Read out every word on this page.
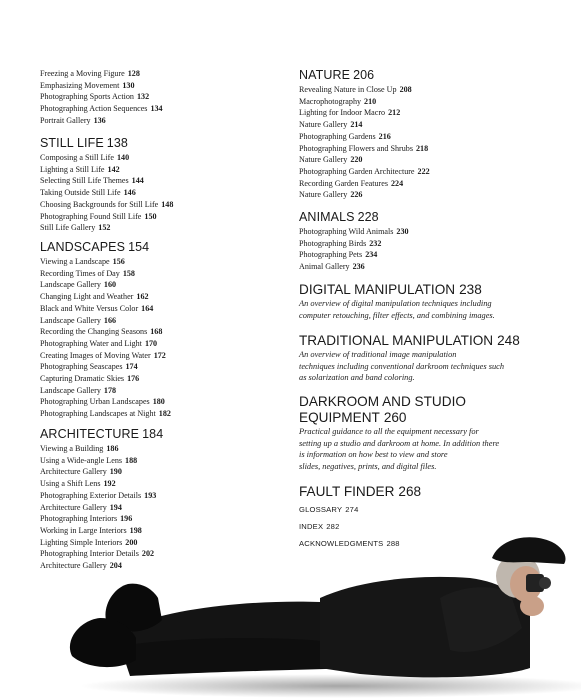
Freezing a Moving Figure 128
Emphasizing Movement 130
Photographing Sports Action 132
Photographing Action Sequences 134
Portrait Gallery 136
STILL LIFE 138
Composing a Still Life 140
Lighting a Still Life 142
Selecting Still Life Themes 144
Taking Outside Still Life 146
Choosing Backgrounds for Still Life 148
Photographing Found Still Life 150
Still Life Gallery 152
LANDSCAPES 154
Viewing a Landscape 156
Recording Times of Day 158
Landscape Gallery 160
Changing Light and Weather 162
Black and White Versus Color 164
Landscape Gallery 166
Recording the Changing Seasons 168
Photographing Water and Light 170
Creating Images of Moving Water 172
Photographing Seascapes 174
Capturing Dramatic Skies 176
Landscape Gallery 178
Photographing Urban Landscapes 180
Photographing Landscapes at Night 182
ARCHITECTURE 184
Viewing a Building 186
Using a Wide-angle Lens 188
Architecture Gallery 190
Using a Shift Lens 192
Photographing Exterior Details 193
Architecture Gallery 194
Photographing Interiors 196
Working in Large Interiors 198
Lighting Simple Interiors 200
Photographing Interior Details 202
Architecture Gallery 204
NATURE 206
Revealing Nature in Close Up 208
Macrophotography 210
Lighting for Indoor Macro 212
Nature Gallery 214
Photographing Gardens 216
Photographing Flowers and Shrubs 218
Nature Gallery 220
Photographing Garden Architecture 222
Recording Garden Features 224
Nature Gallery 226
ANIMALS 228
Photographing Wild Animals 230
Photographing Birds 232
Photographing Pets 234
Animal Gallery 236
DIGITAL MANIPULATION 238
An overview of digital manipulation techniques including
computer retouching, filter effects, and combining images.
TRADITIONAL MANIPULATION 248
An overview of traditional image manipulation
techniques including conventional darkroom techniques such
as solarization and band coloring.
DARKROOM AND STUDIO
EQUIPMENT 260
Practical guidance to all the equipment necessary for
setting up a studio and darkroom at home. In addition there
is information on how best to view and store
slides, negatives, prints, and digital files.
FAULT FINDER 268
GLOSSARY 274
INDEX 282
ACKNOWLEDGMENTS 288
